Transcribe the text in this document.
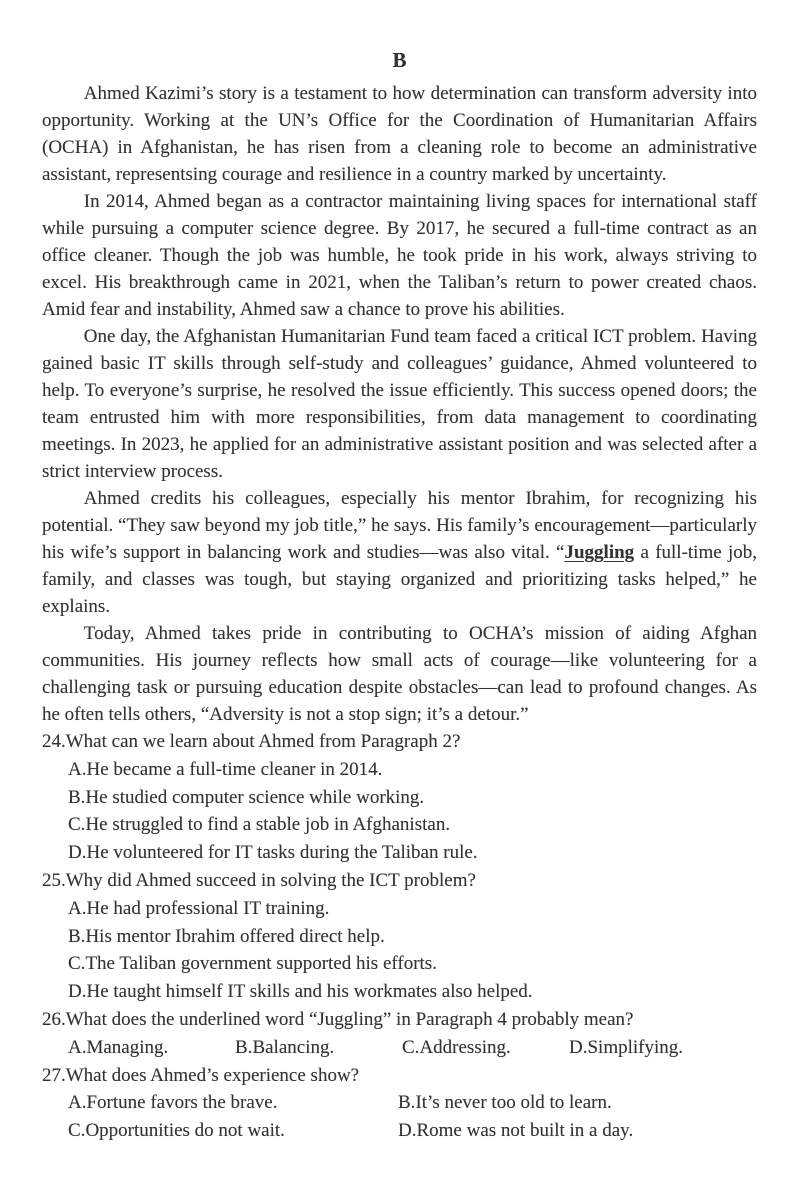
B

Ahmed Kazimi’s story is a testament to how determination can transform adversity into opportunity. Working at the UN’s Office for the Coordination of Humanitarian Affairs (OCHA) in Afghanistan, he has risen from a cleaning role to become an administrative assistant, representsing courage and resilience in a country marked by uncertainty.

In 2014, Ahmed began as a contractor maintaining living spaces for international staff while pursuing a computer science degree. By 2017, he secured a full-time contract as an office cleaner. Though the job was humble, he took pride in his work, always striving to excel. His breakthrough came in 2021, when the Taliban’s return to power created chaos. Amid fear and instability, Ahmed saw a chance to prove his abilities.

One day, the Afghanistan Humanitarian Fund team faced a critical ICT problem. Having gained basic IT skills through self-study and colleagues’ guidance, Ahmed volunteered to help. To everyone’s surprise, he resolved the issue efficiently. This success opened doors; the team entrusted him with more responsibilities, from data management to coordinating meetings. In 2023, he applied for an administrative assistant position and was selected after a strict interview process.

Ahmed credits his colleagues, especially his mentor Ibrahim, for recognizing his potential. “They saw beyond my job title,” he says. His family’s encouragement—particularly his wife’s support in balancing work and studies—was also vital. “Juggling a full-time job, family, and classes was tough, but staying organized and prioritizing tasks helped,” he explains.

Today, Ahmed takes pride in contributing to OCHA’s mission of aiding Afghan communities. His journey reflects how small acts of courage—like volunteering for a challenging task or pursuing education despite obstacles—can lead to profound changes. As he often tells others, “Adversity is not a stop sign; it’s a detour.”

24.What can we learn about Ahmed from Paragraph 2?
A.He became a full-time cleaner in 2014.
B.He studied computer science while working.
C.He struggled to find a stable job in Afghanistan.
D.He volunteered for IT tasks during the Taliban rule.
25.Why did Ahmed succeed in solving the ICT problem?
A.He had professional IT training.
B.His mentor Ibrahim offered direct help.
C.The Taliban government supported his efforts.
D.He taught himself IT skills and his workmates also helped.
26.What does the underlined word “Juggling” in Paragraph 4 probably mean?
A.Managing.	B.Balancing.	C.Addressing.	D.Simplifying.
27.What does Ahmed’s experience show?
A.Fortune favors the brave.	B.It’s never too old to learn.
C.Opportunities do not wait.	D.Rome was not built in a day.
